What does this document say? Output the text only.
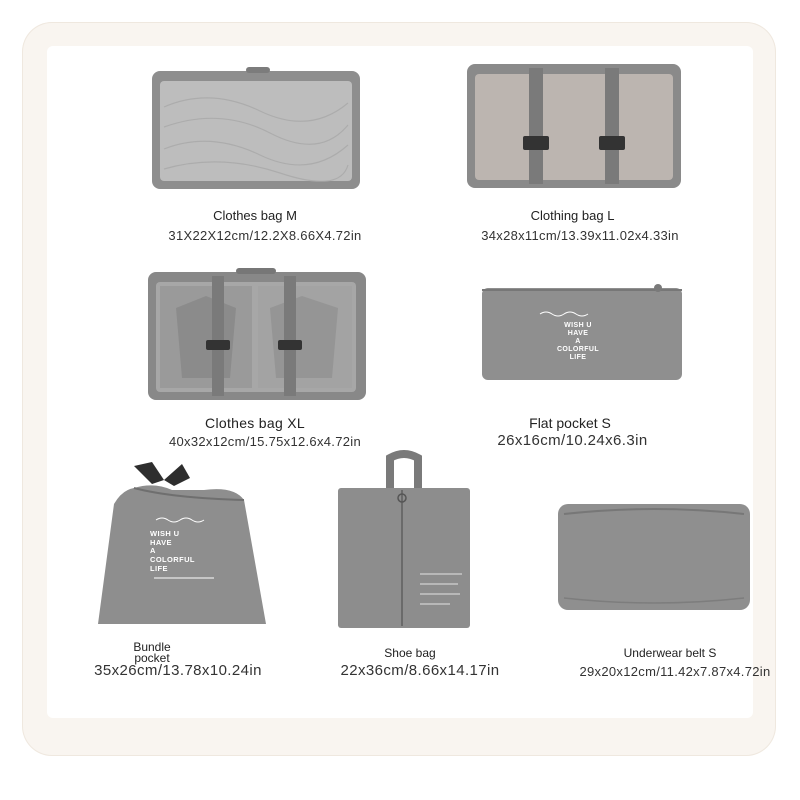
Clothes bag M
31X22X12cm/12.2X8.66X4.72in
Clothing bag L
34x28x11cm/13.39x11.02x4.33in
Clothes bag XL
40x32x12cm/15.75x12.6x4.72in
WISH U
HAVE
A
COLORFUL
LIFE
Flat pocket S
26x16cm/10.24x6.3in
WISH U
HAVE
A
COLORFUL
LIFE
Bundle
pocket
35x26cm/13.78x10.24in
Shoe bag
22x36cm/8.66x14.17in
Underwear belt S
29x20x12cm/11.42x7.87x4.72in
